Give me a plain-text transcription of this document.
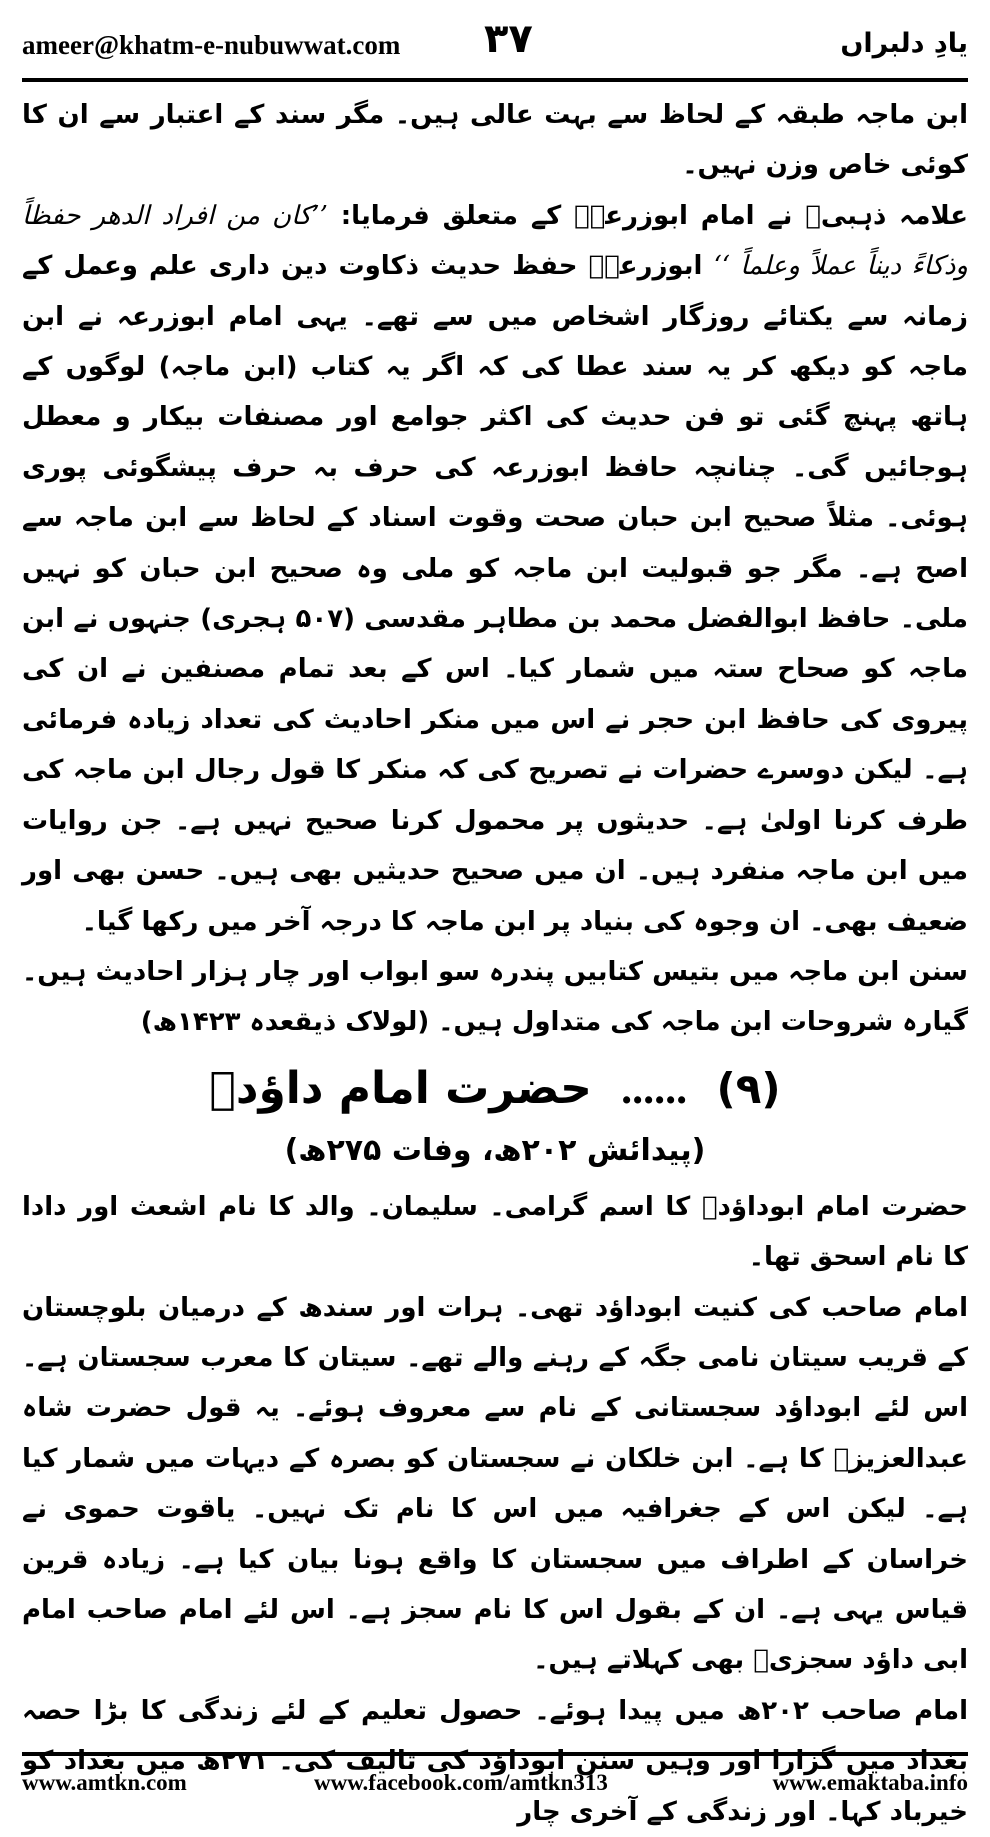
ameer@khatm-e-nubuwwat.com ۳۷	یادِ دلبراں

ابن ماجہ طبقہ کے لحاظ سے بہت عالی ہیں۔ مگر سند کے اعتبار سے ان کا کوئی خاص وزن نہیں۔

علامہ ذہبیؒ نے امام ابوزرعہؒ کے متعلق فرمایا: ’’کان من افراد الدھر حفظاً وذکاءً دیناً عملاً وعلماً ‘‘ ابوزرعہؒ حفظ حدیث ذکاوت دین داری علم وعمل کے زمانہ سے یکتائے روزگار اشخاص میں سے تھے۔ یہی امام ابوزرعہ نے ابن ماجہ کو دیکھ کر یہ سند عطا کی کہ اگر یہ کتاب (ابن ماجہ) لوگوں کے ہاتھ پہنچ گئی تو فن حدیث کی اکثر جوامع اور مصنفات بیکار و معطل ہوجائیں گی۔ چنانچہ حافظ ابوزرعہ کی حرف بہ حرف پیشگوئی پوری ہوئی۔ مثلاً صحیح ابن حبان صحت وقوت اسناد کے لحاظ سے ابن ماجہ سے اصح ہے۔ مگر جو قبولیت ابن ماجہ کو ملی وہ صحیح ابن حبان کو نہیں ملی۔ حافظ ابوالفضل محمد بن مطاہر مقدسی (۵۰۷ ہجری) جنہوں نے ابن ماجہ کو صحاح ستہ میں شمار کیا۔ اس کے بعد تمام مصنفین نے ان کی پیروی کی حافظ ابن حجر نے اس میں منکر احادیث کی تعداد زیادہ فرمائی ہے۔ لیکن دوسرے حضرات نے تصریح کی کہ منکر کا قول رجال ابن ماجہ کی طرف کرنا اولیٰ ہے۔ حدیثوں پر محمول کرنا صحیح نہیں ہے۔ جن روایات میں ابن ماجہ منفرد ہیں۔ ان میں صحیح حدیثیں بھی ہیں۔ حسن بھی اور ضعیف بھی۔ ان وجوہ کی بنیاد پر ابن ماجہ کا درجہ آخر میں رکھا گیا۔

سنن ابن ماجہ میں بتیس کتابیں پندرہ سو ابواب اور چار ہزار احادیث ہیں۔ گیارہ شروحات ابن ماجہ کی متداول ہیں۔ (لولاک ذیقعدہ ۱۴۲۳ھ)

(۹) ...... حضرت امام داؤدؒ
(پیدائش ۲۰۲ھ، وفات ۲۷۵ھ)

حضرت امام ابوداؤدؒ کا اسم گرامی۔ سلیمان۔ والد کا نام اشعث اور دادا کا نام اسحق تھا۔

امام صاحب کی کنیت ابوداؤد تھی۔ ہرات اور سندھ کے درمیان بلوچستان کے قریب سیتان نامی جگہ کے رہنے والے تھے۔ سیتان کا معرب سجستان ہے۔ اس لئے ابوداؤد سجستانی کے نام سے معروف ہوئے۔ یہ قول حضرت شاہ عبدالعزیزؒ کا ہے۔ ابن خلکان نے سجستان کو بصرہ کے دیہات میں شمار کیا ہے۔ لیکن اس کے جغرافیہ میں اس کا نام تک نہیں۔ یاقوت حموی نے خراسان کے اطراف میں سجستان کا واقع ہونا بیان کیا ہے۔ زیادہ قرین قیاس یہی ہے۔ ان کے بقول اس کا نام سجز ہے۔ اس لئے امام صاحب امام ابی داؤد سجزیؒ بھی کہلاتے ہیں۔

امام صاحب ۲۰۲ھ میں پیدا ہوئے۔ حصول تعلیم کے لئے زندگی کا بڑا حصہ بغداد میں گزارا اور وہیں سنن ابوداؤد کی تالیف کی۔ ۲۷۱ھ میں بغداد کو خیرباد کہا۔ اور زندگی کے آخری چار

www.amtkn.com	www.facebook.com/amtkn313	www.emaktaba.info
